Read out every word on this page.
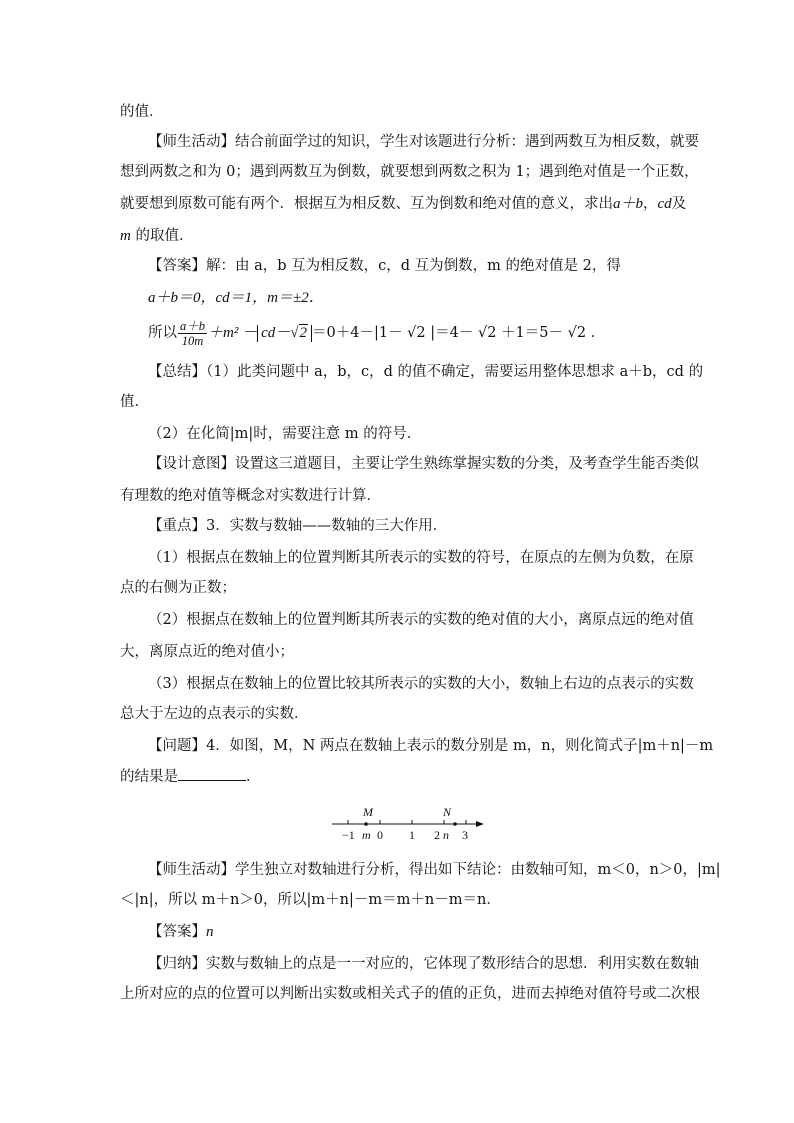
的值．
【师生活动】结合前面学过的知识，学生对该题进行分析：遇到两数互为相反数，就要
想到两数之和为 0；遇到两数互为倒数，就要想到两数之积为 1；遇到绝对值是一个正数，
就要想到原数可能有两个．根据互为相反数、互为倒数和绝对值的意义，求出a＋b，cd及
m 的取值．
【答案】解：由 a，b 互为相反数，c，d 互为倒数，m 的绝对值是 2，得
a＋b＝0，cd＝1，m＝±2．
所以 $\frac{a+b}{10m} +m^2 - cd-√2 =0+4-|1- √2$ |＝4－ √2 ＋1＝5－ √2 ．
【总结】（1）此类问题中 a，b，c，d 的值不确定，需要运用整体思想求 a＋b，cd 的
值．
（2）在化简|m|时，需要注意 m 的符号．
【设计意图】设置这三道题目，主要让学生熟练掌握实数的分类，及考查学生能否类似
有理数的绝对值等概念对实数进行计算．
【重点】3．实数与数轴——数轴的三大作用．
（1）根据点在数轴上的位置判断其所表示的实数的符号，在原点的左侧为负数，在原
点的右侧为正数；
（2）根据点在数轴上的位置判断其所表示的实数的绝对值的大小，离原点远的绝对值
大，离原点近的绝对值小；
（3）根据点在数轴上的位置比较其所表示的实数的大小，数轴上右边的点表示的实数
总大于左边的点表示的实数．
【问题】4．如图，M，N 两点在数轴上表示的数分别是 m，n，则化简式子|m＋n|－m
的结果是	．
M	N
−1 m 0 1 2 n 3
【师生活动】学生独立对数轴进行分析，得出如下结论：由数轴可知，m＜0，n＞0，|m|
＜|n|，所以 m＋n＞0，所以|m＋n|－m＝m＋n－m＝n．
【答案】n
【归纳】实数与数轴上的点是一一对应的，它体现了数形结合的思想．利用实数在数轴
上所对应的点的位置可以判断出实数或相关式子的值的正负，进而去掉绝对值符号或二次根
